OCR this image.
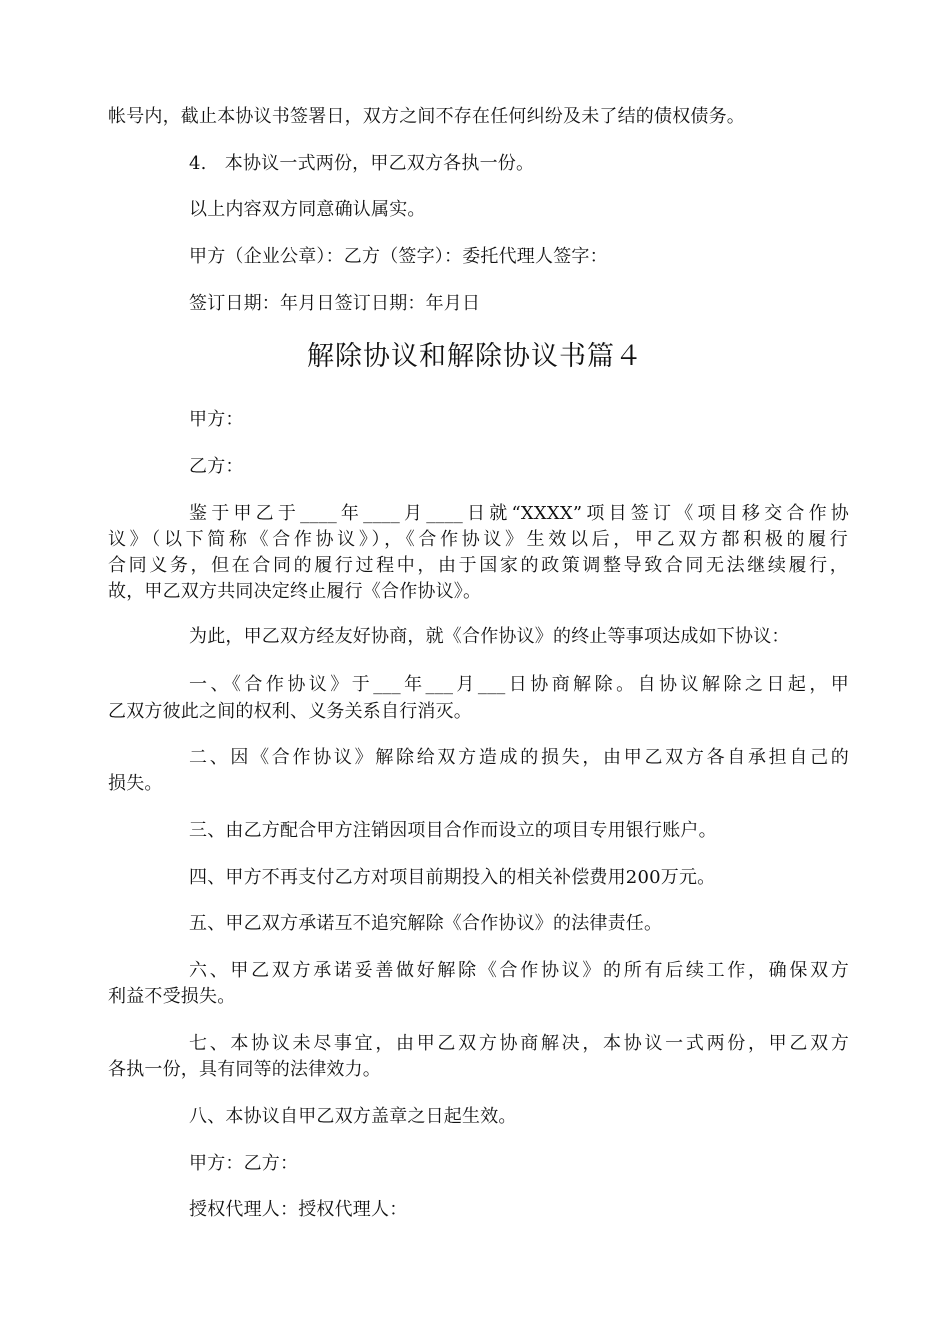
帐号内，截止本协议书签署日，双方之间不存在任何纠纷及未了结的债权债务。
4.　本协议一式两份，甲乙双方各执一份。
以上内容双方同意确认属实。
甲方（企业公章）：乙方（签字）：委托代理人签字：
签订日期：年月日签订日期：年月日
解除协议和解除协议书篇４
甲方：
乙方：
鉴于甲乙于____年____月____日就“XXXX”项目签订《项目移交合作协
议》（以下简称《合作协议》），《合作协议》生效以后，甲乙双方都积极的履行
合同义务，但在合同的履行过程中，由于国家的政策调整导致合同无法继续履行，
故，甲乙双方共同决定终止履行《合作协议》。
为此，甲乙双方经友好协商，就《合作协议》的终止等事项达成如下协议：
一、《合作协议》于___年___月___日协商解除。自协议解除之日起，甲
乙双方彼此之间的权利、义务关系自行消灭。
二、因《合作协议》解除给双方造成的损失，由甲乙双方各自承担自己的
损失。
三、由乙方配合甲方注销因项目合作而设立的项目专用银行账户。
四、甲方不再支付乙方对项目前期投入的相关补偿费用200万元。
五、甲乙双方承诺互不追究解除《合作协议》的法律责任。
六、甲乙双方承诺妥善做好解除《合作协议》的所有后续工作，确保双方
利益不受损失。
七、本协议未尽事宜，由甲乙双方协商解决，本协议一式两份，甲乙双方
各执一份，具有同等的法律效力。
八、本协议自甲乙双方盖章之日起生效。
甲方：乙方：
授权代理人：授权代理人：
